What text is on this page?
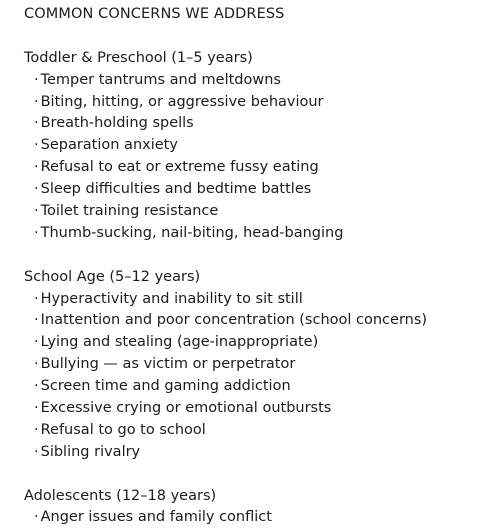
COMMON CONCERNS WE ADDRESS
Toddler & Preschool (1–5 years)
· Temper tantrums and meltdowns
· Biting, hitting, or aggressive behaviour
· Breath-holding spells
· Separation anxiety
· Refusal to eat or extreme fussy eating
· Sleep difficulties and bedtime battles
· Toilet training resistance
· Thumb-sucking, nail-biting, head-banging
School Age (5–12 years)
· Hyperactivity and inability to sit still
· Inattention and poor concentration (school concerns)
· Lying and stealing (age-inappropriate)
· Bullying — as victim or perpetrator
· Screen time and gaming addiction
· Excessive crying or emotional outbursts
· Refusal to go to school
· Sibling rivalry
Adolescents (12–18 years)
· Anger issues and family conflict
